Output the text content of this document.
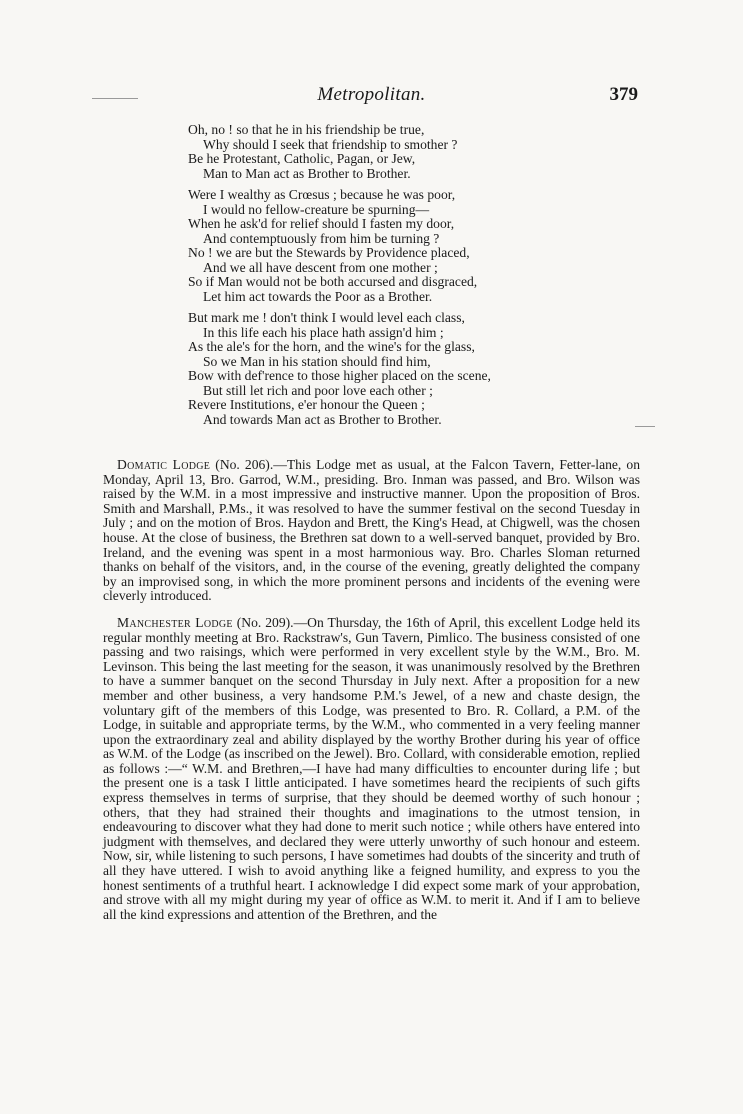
Metropolitan.	379
Oh, no ! so that he in his friendship be true,
Why should I seek that friendship to smother ?
Be he Protestant, Catholic, Pagan, or Jew,
Man to Man act as Brother to Brother.
Were I wealthy as Crœsus ; because he was poor,
I would no fellow-creature be spurning—
When he ask'd for relief should I fasten my door,
And contemptuously from him be turning ?
No ! we are but the Stewards by Providence placed,
And we all have descent from one mother ;
So if Man would not be both accursed and disgraced,
Let him act towards the Poor as a Brother.
But mark me ! don't think I would level each class,
In this life each his place hath assign'd him ;
As the ale's for the horn, and the wine's for the glass,
So we Man in his station should find him,
Bow with def'rence to those higher placed on the scene,
But still let rich and poor love each other ;
Revere Institutions, e'er honour the Queen ;
And towards Man act as Brother to Brother.

Domatic Lodge (No. 206).—This Lodge met as usual, at the Falcon Tavern, Fetter-lane, on Monday, April 13, Bro. Garrod, W.M., presiding. Bro. Inman was passed, and Bro. Wilson was raised by the W.M. in a most impressive and instructive manner. Upon the proposition of Bros. Smith and Marshall, P.Ms., it was resolved to have the summer festival on the second Tuesday in July ; and on the motion of Bros. Haydon and Brett, the King's Head, at Chigwell, was the chosen house. At the close of business, the Brethren sat down to a well-served banquet, provided by Bro. Ireland, and the evening was spent in a most harmonious way. Bro. Charles Sloman returned thanks on behalf of the visitors, and, in the course of the evening, greatly delighted the company by an improvised song, in which the more prominent persons and incidents of the evening were cleverly introduced.

Manchester Lodge (No. 209).—On Thursday, the 16th of April, this excellent Lodge held its regular monthly meeting at Bro. Rackstraw's, Gun Tavern, Pimlico. The business consisted of one passing and two raisings, which were performed in very excellent style by the W.M., Bro. M. Levinson. This being the last meeting for the season, it was unanimously resolved by the Brethren to have a summer banquet on the second Thursday in July next. After a proposition for a new member and other business, a very handsome P.M.'s Jewel, of a new and chaste design, the voluntary gift of the members of this Lodge, was presented to Bro. R. Collard, a P.M. of the Lodge, in suitable and appropriate terms, by the W.M., who commented in a very feeling manner upon the extraordinary zeal and ability displayed by the worthy Brother during his year of office as W.M. of the Lodge (as inscribed on the Jewel). Bro. Collard, with considerable emotion, replied as follows :—“ W.M. and Brethren,—I have had many difficulties to encounter during life ; but the present one is a task I little anticipated. I have sometimes heard the recipients of such gifts express themselves in terms of surprise, that they should be deemed worthy of such honour ; others, that they had strained their thoughts and imaginations to the utmost tension, in endeavouring to discover what they had done to merit such notice ; while others have entered into judgment with themselves, and declared they were utterly unworthy of such honour and esteem. Now, sir, while listening to such persons, I have sometimes had doubts of the sincerity and truth of all they have uttered. I wish to avoid anything like a feigned humility, and express to you the honest sentiments of a truthful heart. I acknowledge I did expect some mark of your approbation, and strove with all my might during my year of office as W.M. to merit it. And if I am to believe all the kind expressions and attention of the Brethren, and the
